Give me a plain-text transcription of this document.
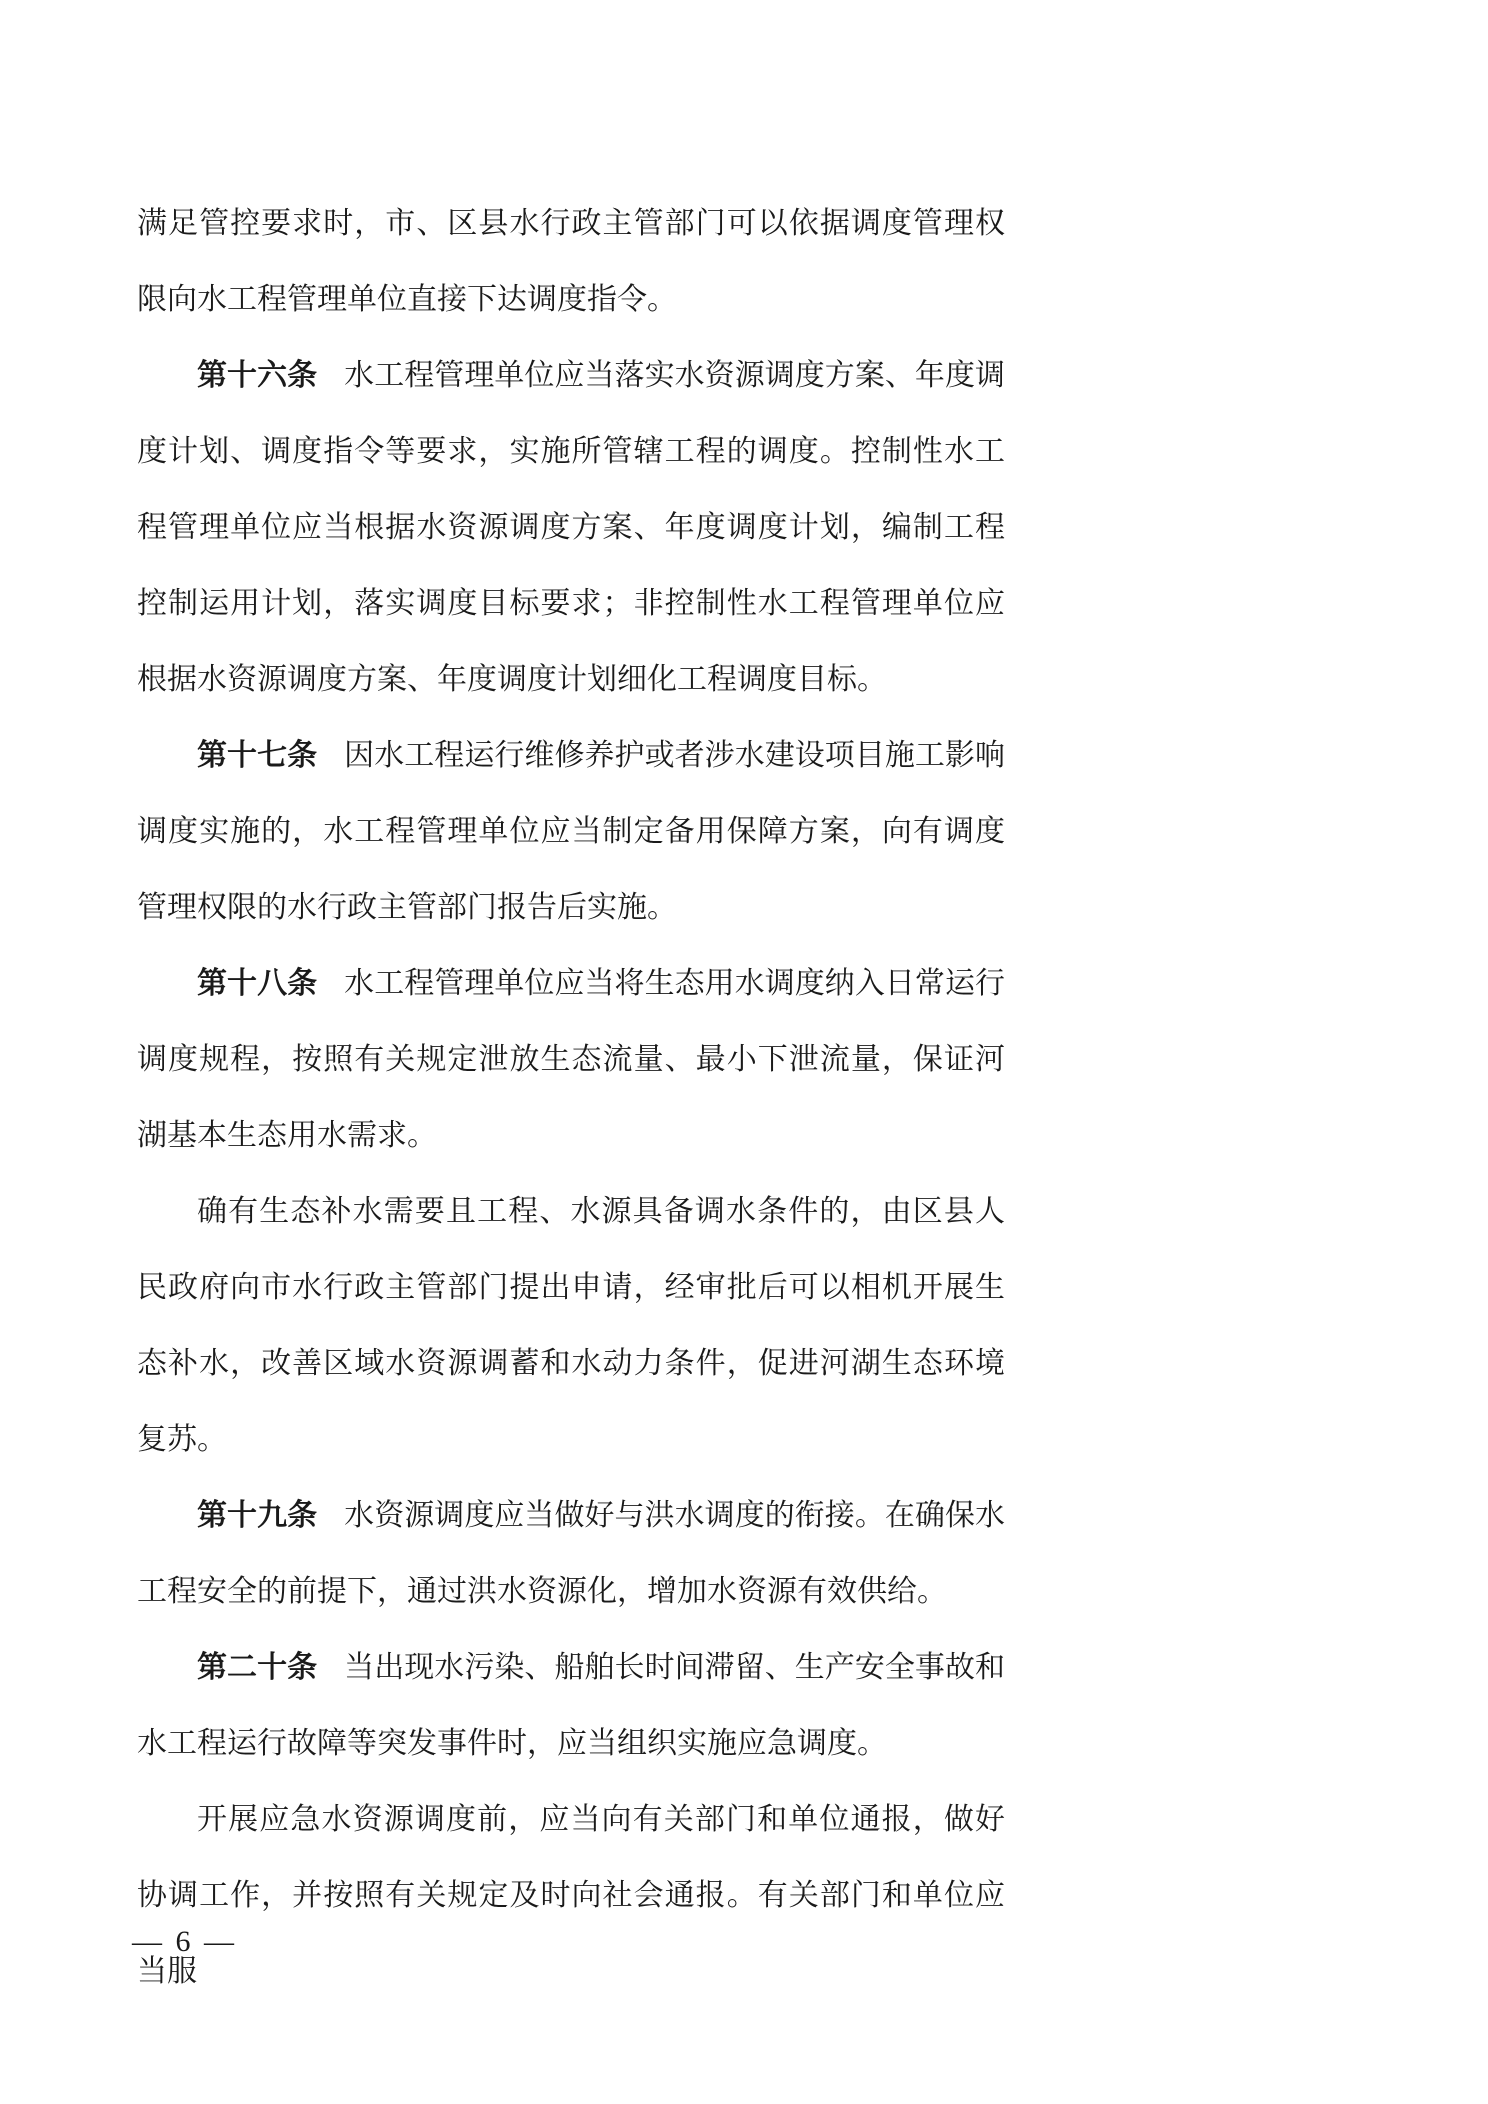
满足管控要求时，市、区县水行政主管部门可以依据调度管理权限向水工程管理单位直接下达调度指令。

第十六条 水工程管理单位应当落实水资源调度方案、年度调度计划、调度指令等要求，实施所管辖工程的调度。控制性水工程管理单位应当根据水资源调度方案、年度调度计划，编制工程控制运用计划，落实调度目标要求；非控制性水工程管理单位应根据水资源调度方案、年度调度计划细化工程调度目标。

第十七条 因水工程运行维修养护或者涉水建设项目施工影响调度实施的，水工程管理单位应当制定备用保障方案，向有调度管理权限的水行政主管部门报告后实施。

第十八条 水工程管理单位应当将生态用水调度纳入日常运行调度规程，按照有关规定泄放生态流量、最小下泄流量，保证河湖基本生态用水需求。

确有生态补水需要且工程、水源具备调水条件的，由区县人民政府向市水行政主管部门提出申请，经审批后可以相机开展生态补水，改善区域水资源调蓄和水动力条件，促进河湖生态环境复苏。

第十九条 水资源调度应当做好与洪水调度的衔接。在确保水工程安全的前提下，通过洪水资源化，增加水资源有效供给。

第二十条 当出现水污染、船舶长时间滞留、生产安全事故和水工程运行故障等突发事件时，应当组织实施应急调度。

开展应急水资源调度前，应当向有关部门和单位通报，做好协调工作，并按照有关规定及时向社会通报。有关部门和单位应当服

— 6 —
